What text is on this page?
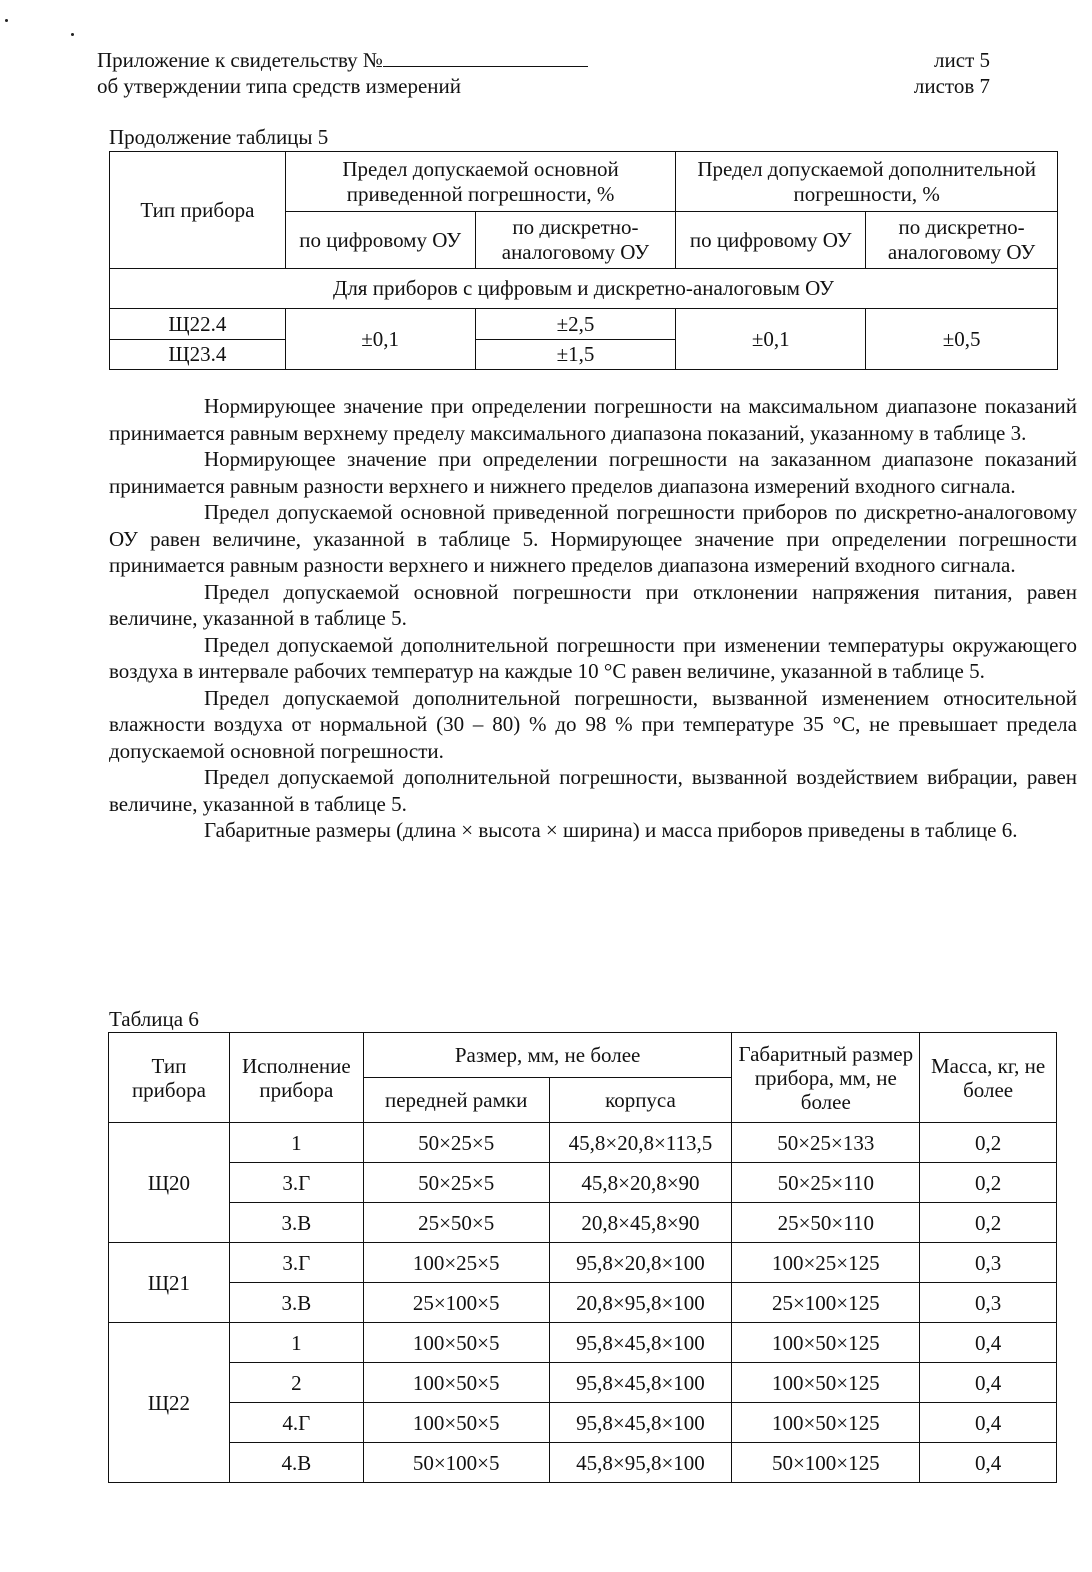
Приложение к свидетельству №
об утверждении типа средств измерений
лист 5
листов 7
Продолжение таблицы 5
Тип прибора	Предел допускаемой основной приведенной погрешности, %		Предел допускаемой дополнительной погрешности, %	
	по цифровому ОУ	по дискретно-аналоговому ОУ	по цифровому ОУ	по дискретно-аналоговому ОУ
Для приборов с цифровым и дискретно-аналоговым ОУ				
Щ22.4	±0,1	±2,5	±0,1	±0,5
Щ23.4		±1,5		

Нормирующее значение при определении погрешности на максимальном диапазоне показаний принимается равным верхнему пределу максимального диапазона показаний, указанному в таблице 3.

Нормирующее значение при определении погрешности на заказанном диапазоне показаний принимается равным разности верхнего и нижнего пределов диапазона измерений входного сигнала.

Предел допускаемой основной приведенной погрешности приборов по дискретно-аналоговому ОУ равен величине, указанной в таблице 5. Нормирующее значение при определении погрешности принимается равным разности верхнего и нижнего пределов диапазона измерений входного сигнала.

Предел допускаемой основной погрешности при отклонении напряжения питания, равен величине, указанной в таблице 5.

Предел допускаемой дополнительной погрешности при изменении температуры окружающего воздуха в интервале рабочих температур на каждые 10 °С равен величине, указанной в таблице 5.

Предел допускаемой дополнительной погрешности, вызванной изменением относительной влажности воздуха от нормальной (30 – 80) % до 98 % при температуре 35 °С, не превышает предела допускаемой основной погрешности.

Предел допускаемой дополнительной погрешности, вызванной воздействием вибрации, равен величине, указанной в таблице 5.

Габаритные размеры (длина × высота × ширина) и масса приборов приведены в таблице 6.

Таблица 6
Тип прибора	Исполнение прибора	Размер, мм, не более		Габаритный размер прибора, мм, не более	Масса, кг, не более
		передней рамки	корпуса		
Щ20	1	50×25×5	45,8×20,8×113,5	50×25×133	0,2
	3.Г	50×25×5	45,8×20,8×90	50×25×110	0,2
	3.В	25×50×5	20,8×45,8×90	25×50×110	0,2
Щ21	3.Г	100×25×5	95,8×20,8×100	100×25×125	0,3
	3.В	25×100×5	20,8×95,8×100	25×100×125	0,3
Щ22	1	100×50×5	95,8×45,8×100	100×50×125	0,4
	2	100×50×5	95,8×45,8×100	100×50×125	0,4
	4.Г	100×50×5	95,8×45,8×100	100×50×125	0,4
	4.В	50×100×5	45,8×95,8×100	50×100×125	0,4
